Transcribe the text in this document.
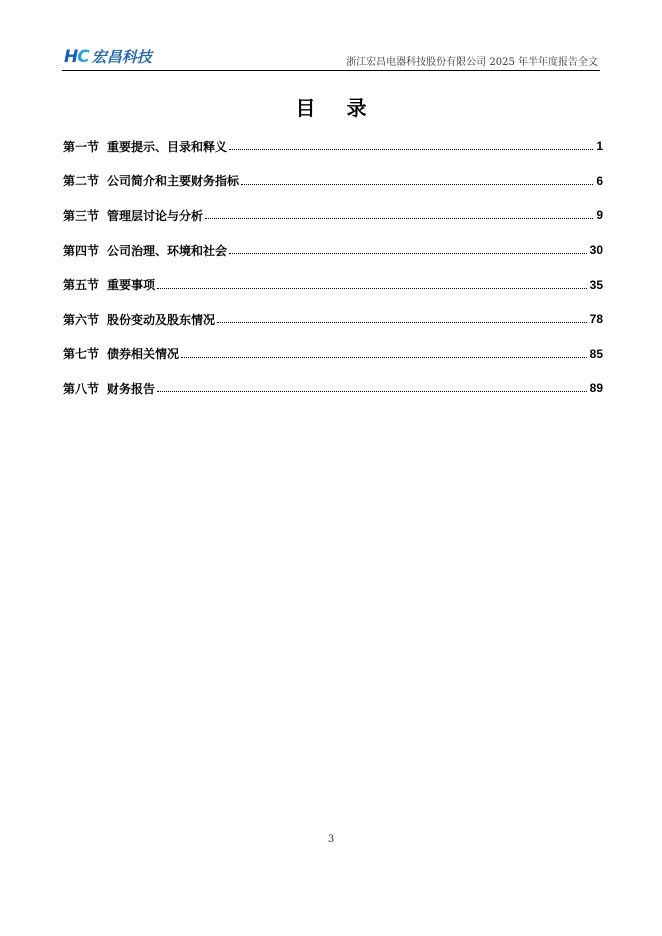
HC 宏昌科技	浙江宏昌电器科技股份有限公司 2025 年半年度报告全文
目 录
第一节 重要提示、目录和释义	1
第二节 公司简介和主要财务指标	6
第三节 管理层讨论与分析	9
第四节 公司治理、环境和社会	30
第五节 重要事项	35
第六节 股份变动及股东情况	78
第七节 债券相关情况	85
第八节 财务报告	89
3
